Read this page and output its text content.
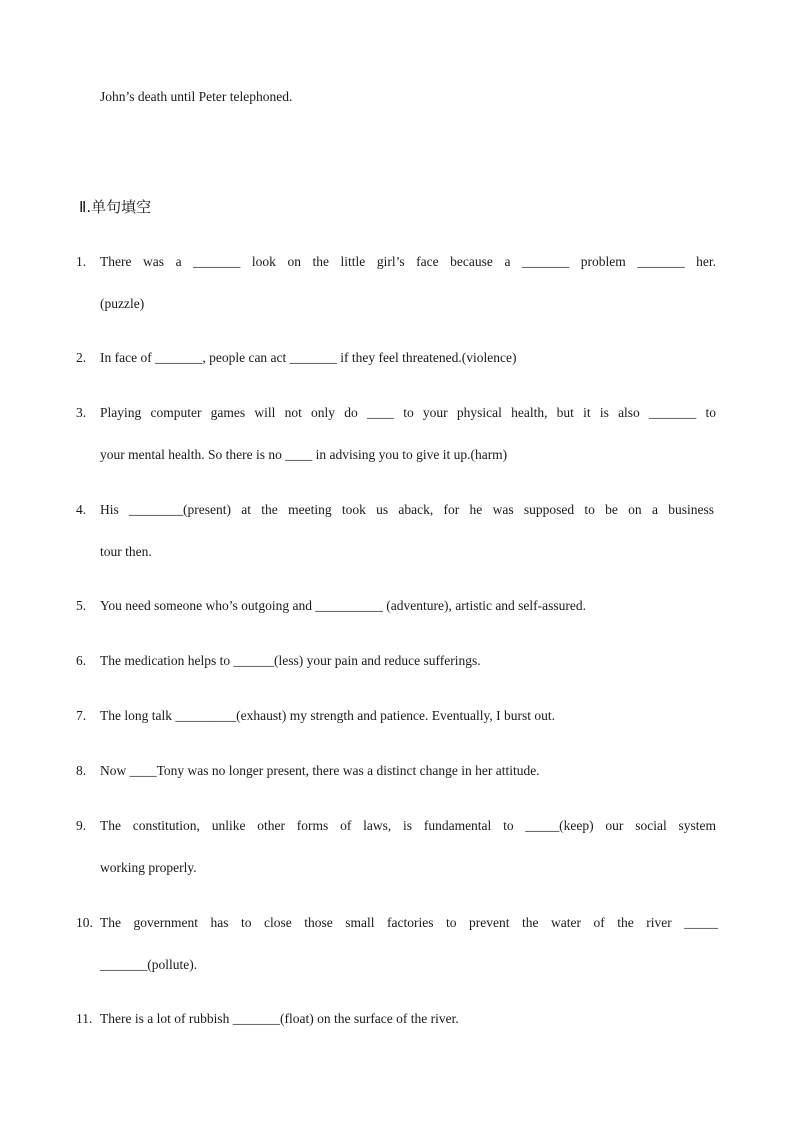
John’s death until Peter telephoned.
Ⅱ.单句填空
1. There was a _______ look on the little girl’s face because a _______ problem _______ her.
(puzzle)
2. In face of _______, people can act _______ if they feel threatened.(violence)
3. Playing computer games will not only do ____ to your physical health, but it is also _______ to
your mental health. So there is no ____ in advising you to give it up.(harm)
4. His ________(present) at the meeting took us aback, for he was supposed to be on a business
tour then.
5. You need someone who’s outgoing and __________ (adventure), artistic and self-assured.
6. The medication helps to ______(less) your pain and reduce sufferings.
7. The long talk _________(exhaust) my strength and patience. Eventually, I burst out.
8. Now ____Tony was no longer present, there was a distinct change in her attitude.
9. The constitution, unlike other forms of laws, is fundamental to _____(keep) our social system
working properly.
10. The government has to close those small factories to prevent the water of the river _____
_______(pollute).
11. There is a lot of rubbish _______(float) on the surface of the river.
